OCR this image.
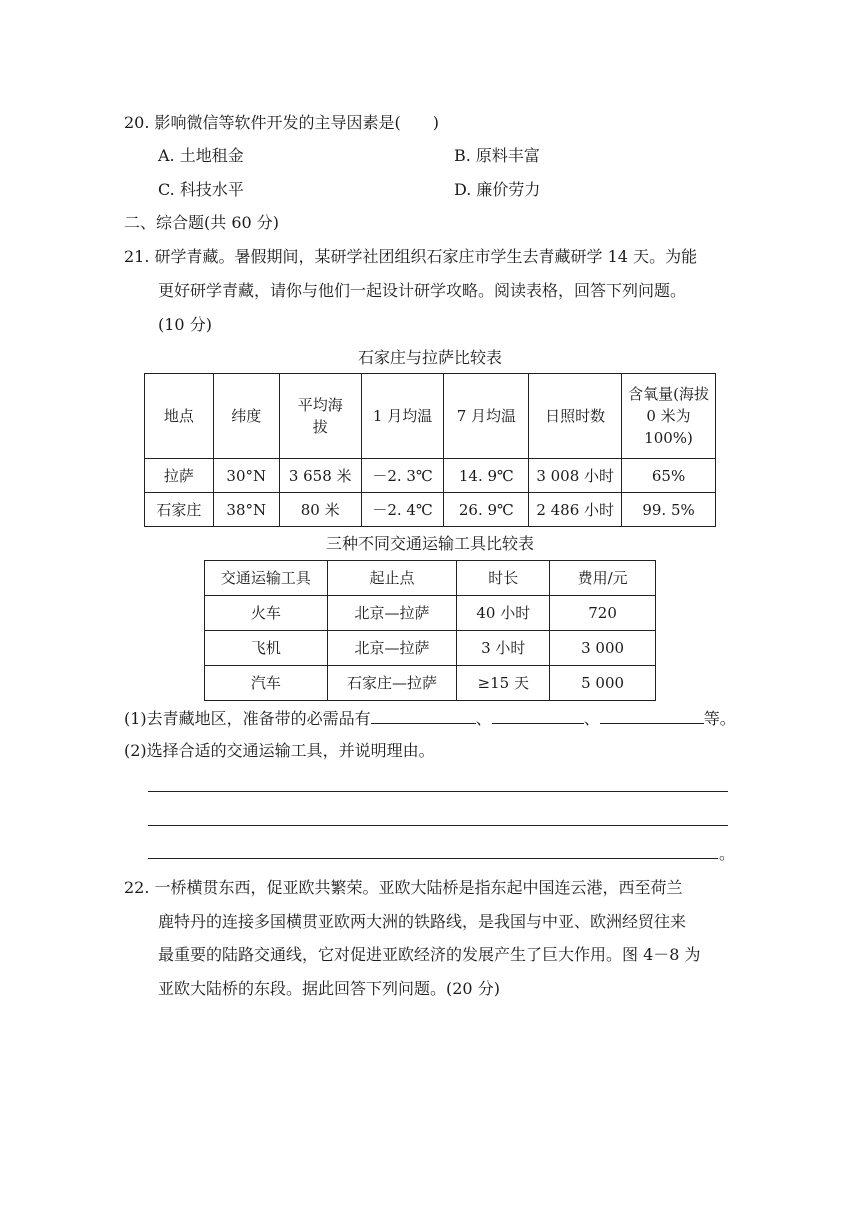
20. 影响微信等软件开发的主导因素是(　　)
A. 土地租金	B. 原料丰富
C. 科技水平	D. 廉价劳力
二、综合题(共 60 分)
21. 研学青藏。暑假期间，某研学社团组织石家庄市学生去青藏研学 14 天。为能
更好研学青藏，请你与他们一起设计研学攻略。阅读表格，回答下列问题。
(10 分)
石家庄与拉萨比较表
地点	纬度	平均海拔	1 月均温	7 月均温	日照时数	含氧量(海拔 0 米为100%)
拉萨	30°N	3 658 米	－2. 3℃	14. 9℃	3 008 小时	65%
石家庄	38°N	80 米	－2. 4℃	26. 9℃	2 486 小时	99. 5%
三种不同交通运输工具比较表
交通运输工具	起止点	时长	费用/元
火车	北京—拉萨	40 小时	720
飞机	北京—拉萨	3 小时	3 000
汽车	石家庄—拉萨	≥15 天	5 000
(1)去青藏地区，准备带的必需品有	、	、	等。
(2)选择合适的交通运输工具，并说明理由。
。
22. 一桥横贯东西，促亚欧共繁荣。亚欧大陆桥是指东起中国连云港，西至荷兰
鹿特丹的连接多国横贯亚欧两大洲的铁路线，是我国与中亚、欧洲经贸往来
最重要的陆路交通线，它对促进亚欧经济的发展产生了巨大作用。图 4－8 为
亚欧大陆桥的东段。据此回答下列问题。(20 分)
